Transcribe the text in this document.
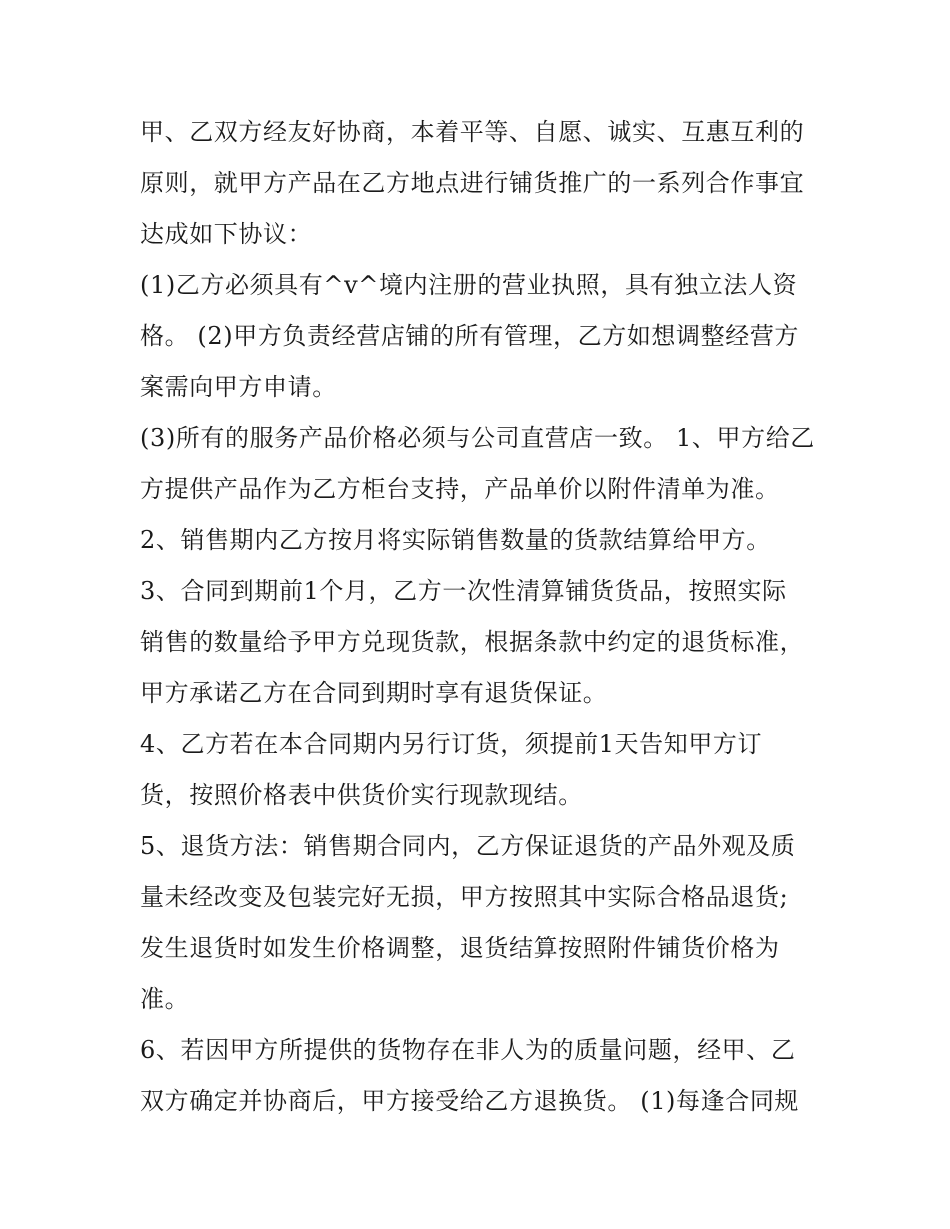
甲、乙双方经友好协商，本着平等、自愿、诚实、互惠互利的
原则，就甲方产品在乙方地点进行铺货推广的一系列合作事宜
达成如下协议：
(1)乙方必须具有^v^境内注册的营业执照，具有独立法人资
格。 (2)甲方负责经营店铺的所有管理，乙方如想调整经营方
案需向甲方申请。
(3)所有的服务产品价格必须与公司直营店一致。 1、甲方给乙
方提供产品作为乙方柜台支持，产品单价以附件清单为准。
2、销售期内乙方按月将实际销售数量的货款结算给甲方。
3、合同到期前1个月，乙方一次性清算铺货货品，按照实际
销售的数量给予甲方兑现货款，根据条款中约定的退货标准，
甲方承诺乙方在合同到期时享有退货保证。
4、乙方若在本合同期内另行订货，须提前1天告知甲方订
货，按照价格表中供货价实行现款现结。
5、退货方法：销售期合同内，乙方保证退货的产品外观及质
量未经改变及包装完好无损，甲方按照其中实际合格品退货;
发生退货时如发生价格调整，退货结算按照附件铺货价格为
准。
6、若因甲方所提供的货物存在非人为的质量问题，经甲、乙
双方确定并协商后，甲方接受给乙方退换货。 (1)每逢合同规
